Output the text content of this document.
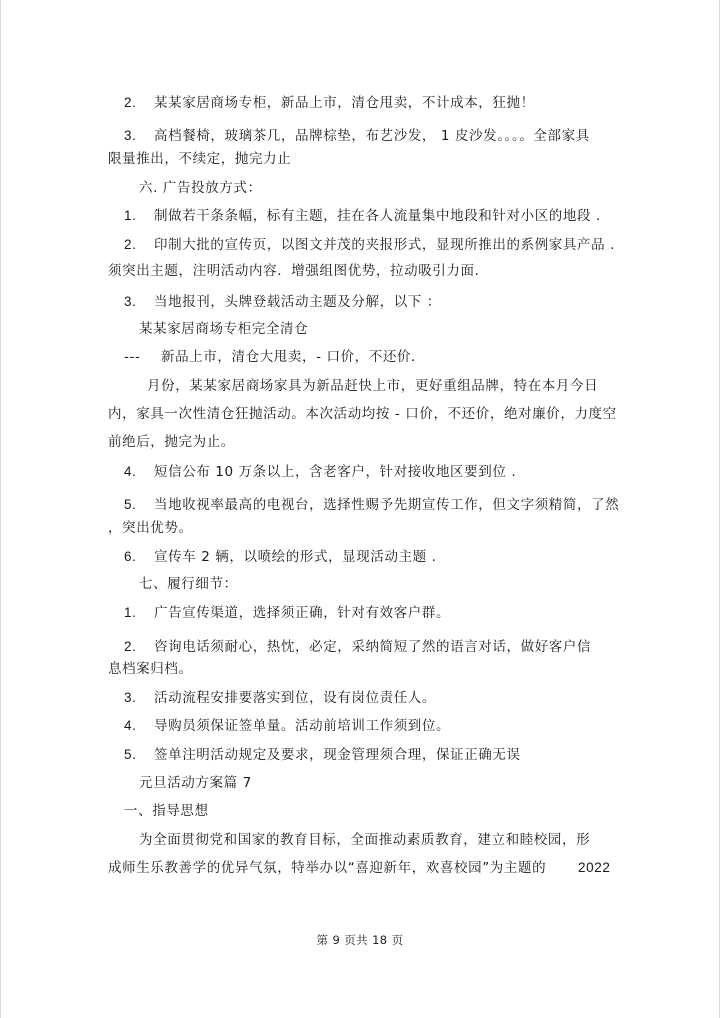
2. 某某家居商场专柜，新品上市，清仓甩卖，不计成本，狂抛！
3. 高档餐椅，玻璃茶几，品牌棕垫，布艺沙发， 1 皮沙发。。。。全部家具
限量推出，不续定，抛完力止
六. 广告投放方式：
1. 制做若干条条幅，标有主题，挂在各人流量集中地段和针对小区的地段 .
2. 印制大批的宣传页，以图文并茂的夹报形式，显现所推出的系例家具产品 .
须突出主题，注明活动内容．增强组图优势，拉动吸引力面．
3. 当地报刊，头牌登载活动主题及分解，以下 ：
某某家居商场专柜完全清仓
--- 新品上市，清仓大甩卖，- 口价，不还价．
月份，某某家居商场家具为新品赶快上市，更好重组品牌，特在本月今日
内，家具一次性清仓狂抛活动。本次活动均按 - 口价，不还价，绝对廉价，力度空
前绝后，抛完为止。
4. 短信公布 10 万条以上，含老客户，针对接收地区要到位 .
5. 当地收视率最高的电视台，选择性赐予先期宣传工作，但文字须精简，了然
，突出优势。
6. 宣传车 2 辆，以喷绘的形式，显现活动主题 .
七、履行细节：
1. 广告宣传渠道，选择须正确，针对有效客户群。
2. 咨询电话须耐心，热忱，必定，采纳简短了然的语言对话，做好客户信
息档案归档。
3. 活动流程安排要落实到位，设有岗位责任人。
4. 导购员须保证签单量。活动前培训工作须到位。
5. 签单注明活动规定及要求，现金管理须合理，保证正确无误
元旦活动方案篇 7
一、指导思想
为全面贯彻党和国家的教育目标，全面推动素质教育，建立和睦校园，形
成师生乐教善学的优异气氛，特举办以“喜迎新年，欢喜校园”为主题的 2022
第 9 页共 18 页
